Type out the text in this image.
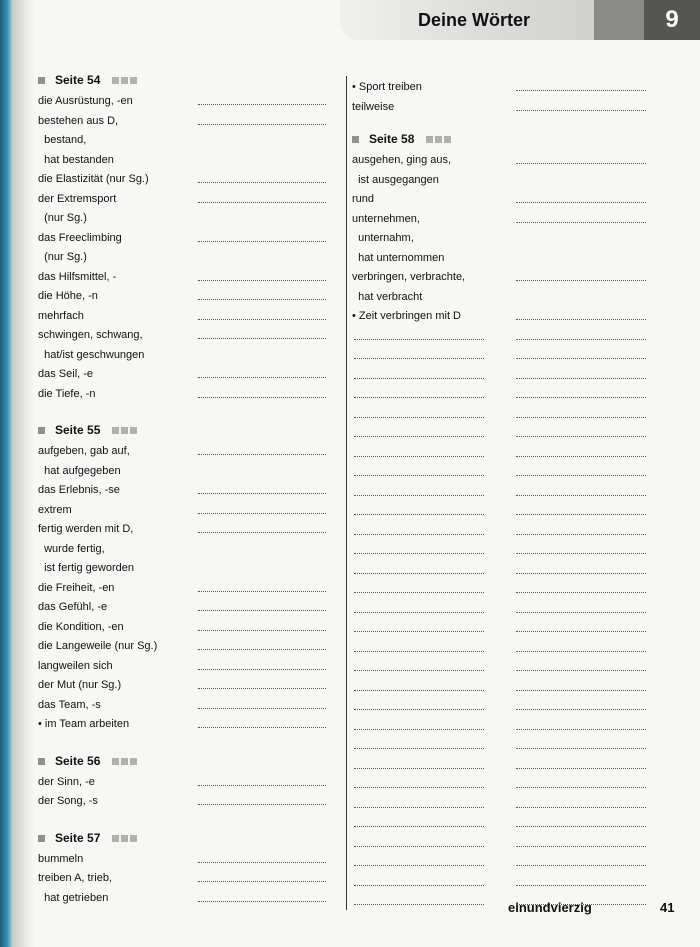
Deine Wörter	9
Seite 54
die Ausrüstung, -en
bestehen aus D,
bestand,
hat bestanden
die Elastizität (nur Sg.)
der Extremsport
(nur Sg.)
das Freeclimbing
(nur Sg.)
das Hilfsmittel, -
die Höhe, -n
mehrfach
schwingen, schwang,
hat/ist geschwungen
das Seil, -e
die Tiefe, -n
Seite 55
aufgeben, gab auf,
hat aufgegeben
das Erlebnis, -se
extrem
fertig werden mit D,
wurde fertig,
ist fertig geworden
die Freiheit, -en
das Gefühl, -e
die Kondition, -en
die Langeweile (nur Sg.)
langweilen sich
der Mut (nur Sg.)
das Team, -s
• im Team arbeiten
Seite 56
der Sinn, -e
der Song, -s
Seite 57
bummeln
treiben A, trieb,
hat getrieben
• Sport treiben
teilweise
Seite 58
ausgehen, ging aus,
ist ausgegangen
rund
unternehmen,
unternahm,
hat unternommen
verbringen, verbrachte,
hat verbracht
• Zeit verbringen mit D
einundvierzig	41
